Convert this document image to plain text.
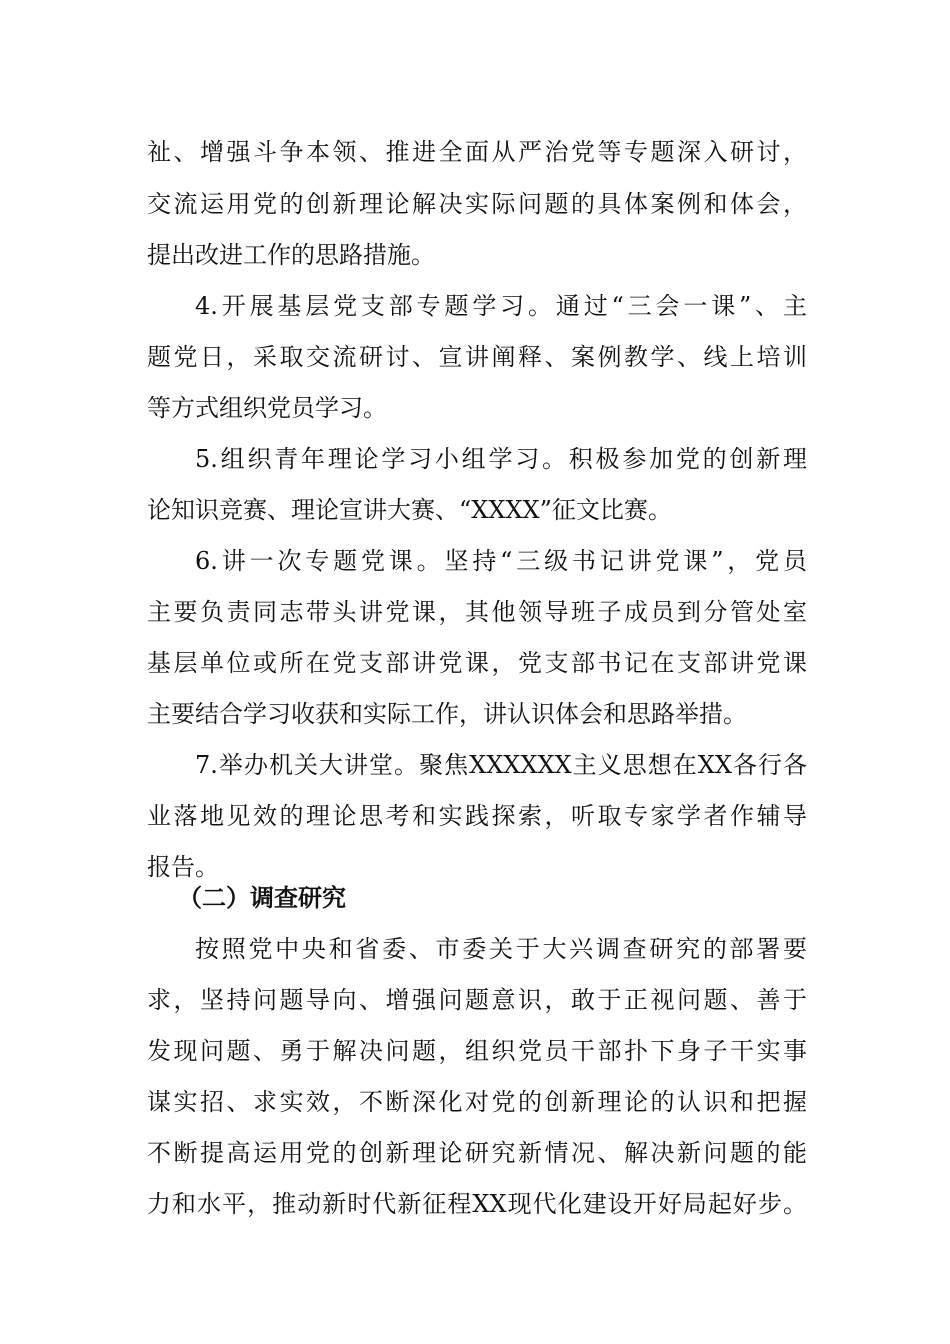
祉、增强斗争本领、推进全面从严治党等专题深入研讨，
交流运用党的创新理论解决实际问题的具体案例和体会，
提出改进工作的思路措施。
4.开展基层党支部专题学习。通过“三会一课”、主
题党日，采取交流研讨、宣讲阐释、案例教学、线上培训
等方式组织党员学习。
5.组织青年理论学习小组学习。积极参加党的创新理
论知识竞赛、理论宣讲大赛、“XXXX”征文比赛。
6.讲一次专题党课。坚持“三级书记讲党课”，党员
主要负责同志带头讲党课，其他领导班子成员到分管处室
基层单位或所在党支部讲党课，党支部书记在支部讲党课
主要结合学习收获和实际工作，讲认识体会和思路举措。
7.举办机关大讲堂。聚焦XXXXXX主义思想在XX各行各
业落地见效的理论思考和实践探索，听取专家学者作辅导
报告。
（二）调查研究
按照党中央和省委、市委关于大兴调查研究的部署要
求，坚持问题导向、增强问题意识，敢于正视问题、善于
发现问题、勇于解决问题，组织党员干部扑下身子干实事
谋实招、求实效，不断深化对党的创新理论的认识和把握
不断提高运用党的创新理论研究新情况、解决新问题的能
力和水平，推动新时代新征程XX现代化建设开好局起好步。
